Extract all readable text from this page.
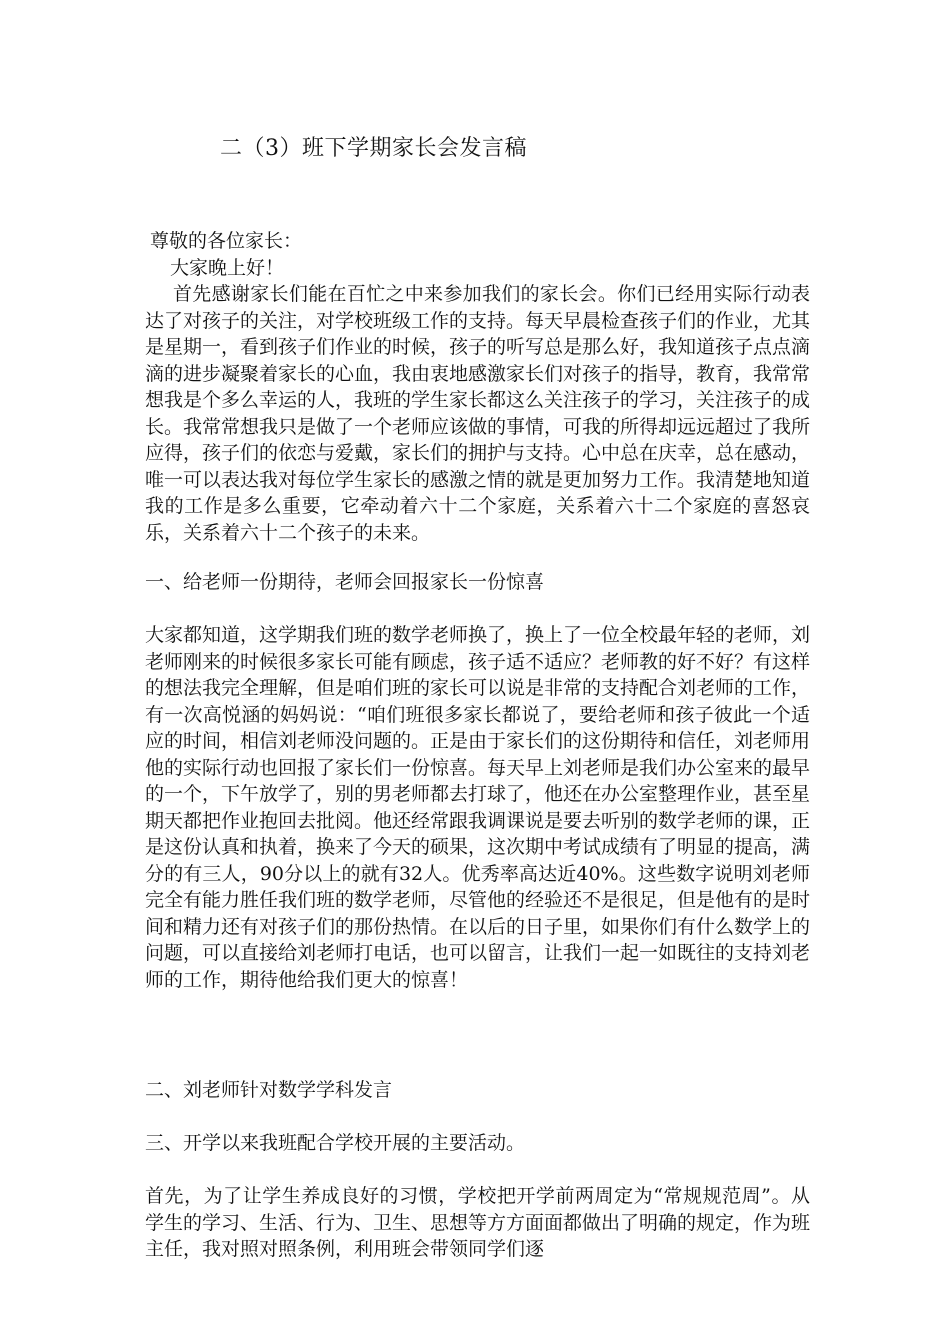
二（3）班下学期家长会发言稿
尊敬的各位家长：
大家晚上好！
首先感谢家长们能在百忙之中来参加我们的家长会。你们已经用实际行动表达了对孩子的关注，对学校班级工作的支持。每天早晨检查孩子们的作业，尤其是星期一，看到孩子们作业的时候，孩子的听写总是那么好，我知道孩子点点滴滴的进步凝聚着家长的心血，我由衷地感激家长们对孩子的指导，教育，我常常想我是个多么幸运的人，我班的学生家长都这么关注孩子的学习，关注孩子的成长。我常常想我只是做了一个老师应该做的事情，可我的所得却远远超过了我所应得，孩子们的依恋与爱戴，家长们的拥护与支持。心中总在庆幸，总在感动，唯一可以表达我对每位学生家长的感激之情的就是更加努力工作。我清楚地知道我的工作是多么重要，它牵动着六十二个家庭，关系着六十二个家庭的喜怒哀乐，关系着六十二个孩子的未来。
一、给老师一份期待，老师会回报家长一份惊喜
大家都知道，这学期我们班的数学老师换了，换上了一位全校最年轻的老师，刘老师刚来的时候很多家长可能有顾虑，孩子适不适应？老师教的好不好？有这样的想法我完全理解，但是咱们班的家长可以说是非常的支持配合刘老师的工作，有一次高悦涵的妈妈说：“咱们班很多家长都说了，要给老师和孩子彼此一个适应的时间，相信刘老师没问题的。正是由于家长们的这份期待和信任，刘老师用他的实际行动也回报了家长们一份惊喜。每天早上刘老师是我们办公室来的最早的一个，下午放学了，别的男老师都去打球了，他还在办公室整理作业，甚至星期天都把作业抱回去批阅。他还经常跟我调课说是要去听别的数学老师的课，正是这份认真和执着，换来了今天的硕果，这次期中考试成绩有了明显的提高，满分的有三人，90分以上的就有32人。优秀率高达近40%。这些数字说明刘老师完全有能力胜任我们班的数学老师，尽管他的经验还不是很足，但是他有的是时间和精力还有对孩子们的那份热情。在以后的日子里，如果你们有什么数学上的问题，可以直接给刘老师打电话，也可以留言，让我们一起一如既往的支持刘老师的工作，期待他给我们更大的惊喜！
二、刘老师针对数学学科发言
三、开学以来我班配合学校开展的主要活动。
首先，为了让学生养成良好的习惯，学校把开学前两周定为“常规规范周”。从学生的学习、生活、行为、卫生、思想等方方面面都做出了明确的规定，作为班主任，我对照对照条例，利用班会带领同学们逐
